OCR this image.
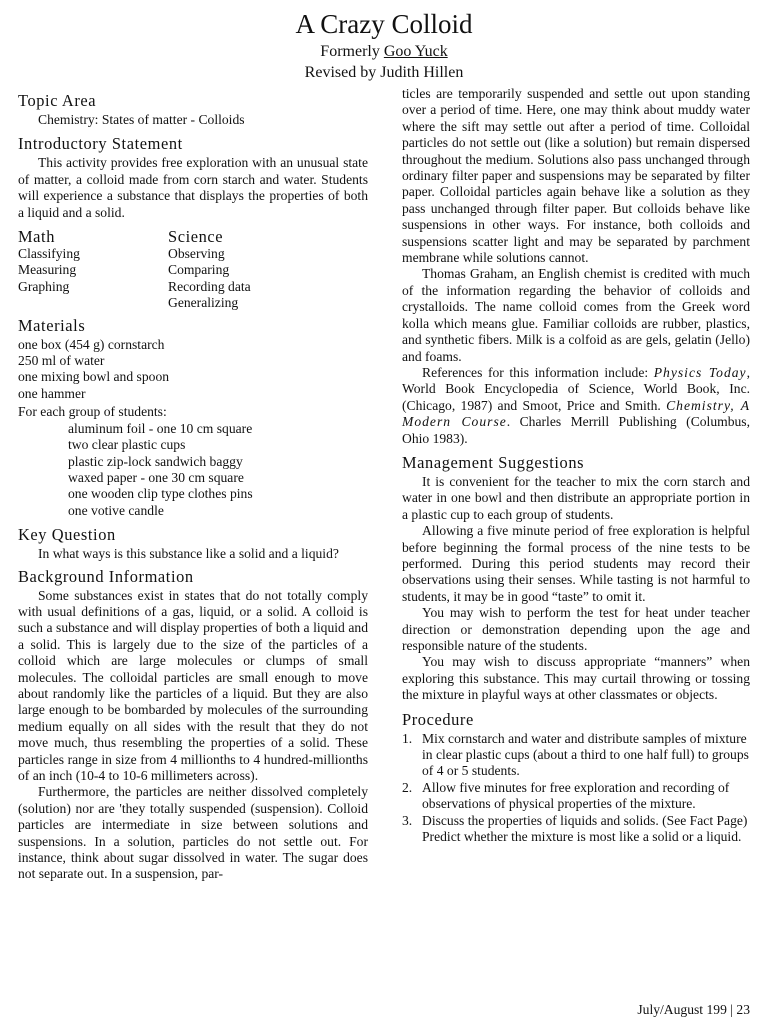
A Crazy Colloid
Formerly Goo Yuck
Revised by Judith Hillen
Topic Area

Chemistry: States of matter - Colloids

Introductory Statement

This activity provides free exploration with an unusual state of matter, a colloid made from corn starch and water. Students will experience a substance that displays the properties of both a liquid and a solid.

Math	Science
Classifying
Measuring
Graphing
Observing
Comparing
Recording data
Generalizing
Materials
one box (454 g) cornstarch
250 ml of water
one mixing bowl and spoon
one hammer
For each group of students:
aluminum foil - one 10 cm square
two clear plastic cups
plastic zip-lock sandwich baggy
waxed paper - one 30 cm square
one wooden clip type clothes pins
one votive candle
Key Question

In what ways is this substance like a solid and a liquid?

Background Information

Some substances exist in states that do not totally comply with usual definitions of a gas, liquid, or a solid. A colloid is such a substance and will display properties of both a liquid and a solid. This is largely due to the size of the particles of a colloid which are large molecules or clumps of small molecules. The colloidal particles are small enough to move about randomly like the particles of a liquid. But they are also large enough to be bombarded by molecules of the surrounding medium equally on all sides with the result that they do not move much, thus resembling the properties of a solid. These particles range in size from 4 millionths to 4 hundred-millionths of an inch (10-4 to 10-6 millimeters across).

Furthermore, the particles are neither dissolved completely (solution) nor are 'they totally suspended (suspension). Colloid particles are intermediate in size between solutions and suspensions. In a solution, particles do not settle out. For instance, think about sugar dissolved in water. The sugar does not separate out. In a suspension, par-

ticles are temporarily suspended and settle out upon standing over a period of time. Here, one may think about muddy water where the sift may settle out after a period of time. Colloidal particles do not settle out (like a solution) but remain dispersed throughout the medium. Solutions also pass unchanged through ordinary filter paper and suspensions may be separated by filter paper. Colloidal particles again behave like a solution as they pass unchanged through filter paper. But colloids behave like suspensions in other ways. For instance, both colloids and suspensions scatter light and may be separated by parchment membrane while solutions cannot.

Thomas Graham, an English chemist is credited with much of the information regarding the behavior of colloids and crystalloids. The name colloid comes from the Greek word kolla which means glue. Familiar colloids are rubber, plastics, and synthetic fibers. Milk is a colfoid as are gels, gelatin (Jello) and foams.

References for this information include: Physics Today, World Book Encyclopedia of Science, World Book, Inc. (Chicago, 1987) and Smoot, Price and Smith. Chemistry, A Modern Course. Charles Merrill Publishing (Columbus, Ohio 1983).

Management Suggestions

It is convenient for the teacher to mix the corn starch and water in one bowl and then distribute an appropriate portion in a plastic cup to each group of students.

Allowing a five minute period of free exploration is helpful before beginning the formal process of the nine tests to be performed. During this period students may record their observations using their senses. While tasting is not harmful to students, it may be in good “taste” to omit it.

You may wish to perform the test for heat under teacher direction or demonstration depending upon the age and responsible nature of the students.

You may wish to discuss appropriate “manners” when exploring this substance. This may curtail throwing or tossing the mixture in playful ways at other classmates or objects.

Procedure
1. Mix cornstarch and water and distribute samples of mixture in clear plastic cups (about a third to one half full) to groups of 4 or 5 students.
2. Allow five minutes for free exploration and recording of observations of physical properties of the mixture.
3. Discuss the properties of liquids and solids. (See Fact Page) Predict whether the mixture is most like a solid or a liquid.
July/August 199 | 23
